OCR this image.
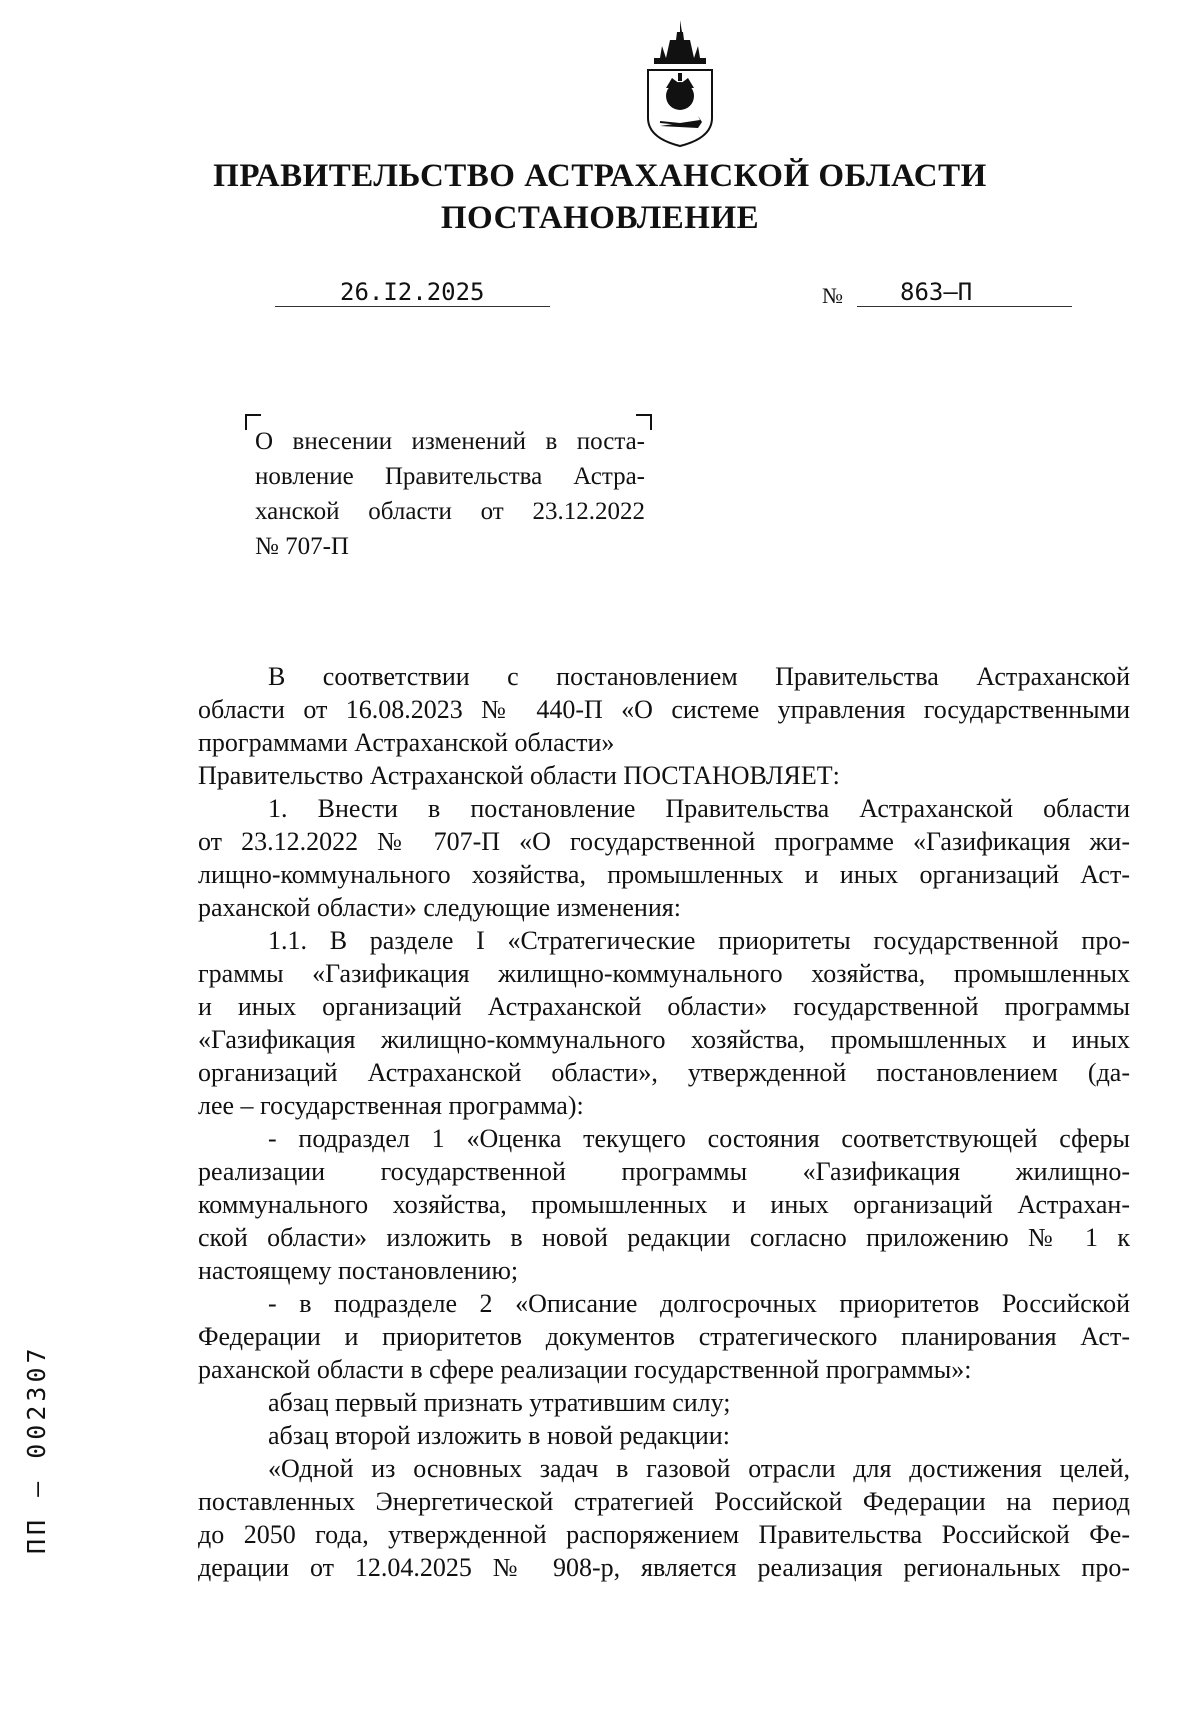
ПРАВИТЕЛЬСТВО АСТРАХАНСКОЙ ОБЛАСТИ
ПОСТАНОВЛЕНИЕ
26.I2.2025	№ 863–П
О внесении изменений в поста-
новление Правительства Астра-
ханской области от 23.12.2022
№ 707-П
В соответствии с постановлением Правительства Астраханской
области от 16.08.2023 № 440-П «О системе управления государственными
программами Астраханской области»
Правительство Астраханской области ПОСТАНОВЛЯЕТ:
1. Внести в постановление Правительства Астраханской области
от 23.12.2022 № 707-П «О государственной программе «Газификация жи-
лищно-коммунального хозяйства, промышленных и иных организаций Аст-
раханской области» следующие изменения:
1.1. В разделе I «Стратегические приоритеты государственной про-
граммы «Газификация жилищно-коммунального хозяйства, промышленных
и иных организаций Астраханской области» государственной программы
«Газификация жилищно-коммунального хозяйства, промышленных и иных
организаций Астраханской области», утвержденной постановлением (да-
лее – государственная программа):
- подраздел 1 «Оценка текущего состояния соответствующей сферы
реализации государственной программы «Газификация жилищно-
коммунального хозяйства, промышленных и иных организаций Астрахан-
ской области» изложить в новой редакции согласно приложению № 1 к
настоящему постановлению;
- в подразделе 2 «Описание долгосрочных приоритетов Российской
Федерации и приоритетов документов стратегического планирования Аст-
раханской области в сфере реализации государственной программы»:
абзац первый признать утратившим силу;
абзац второй изложить в новой редакции:
«Одной из основных задач в газовой отрасли для достижения целей,
поставленных Энергетической стратегией Российской Федерации на период
до 2050 года, утвержденной распоряжением Правительства Российской Фе-
дерации от 12.04.2025 № 908-р, является реализация региональных про-
ПП – 002307
